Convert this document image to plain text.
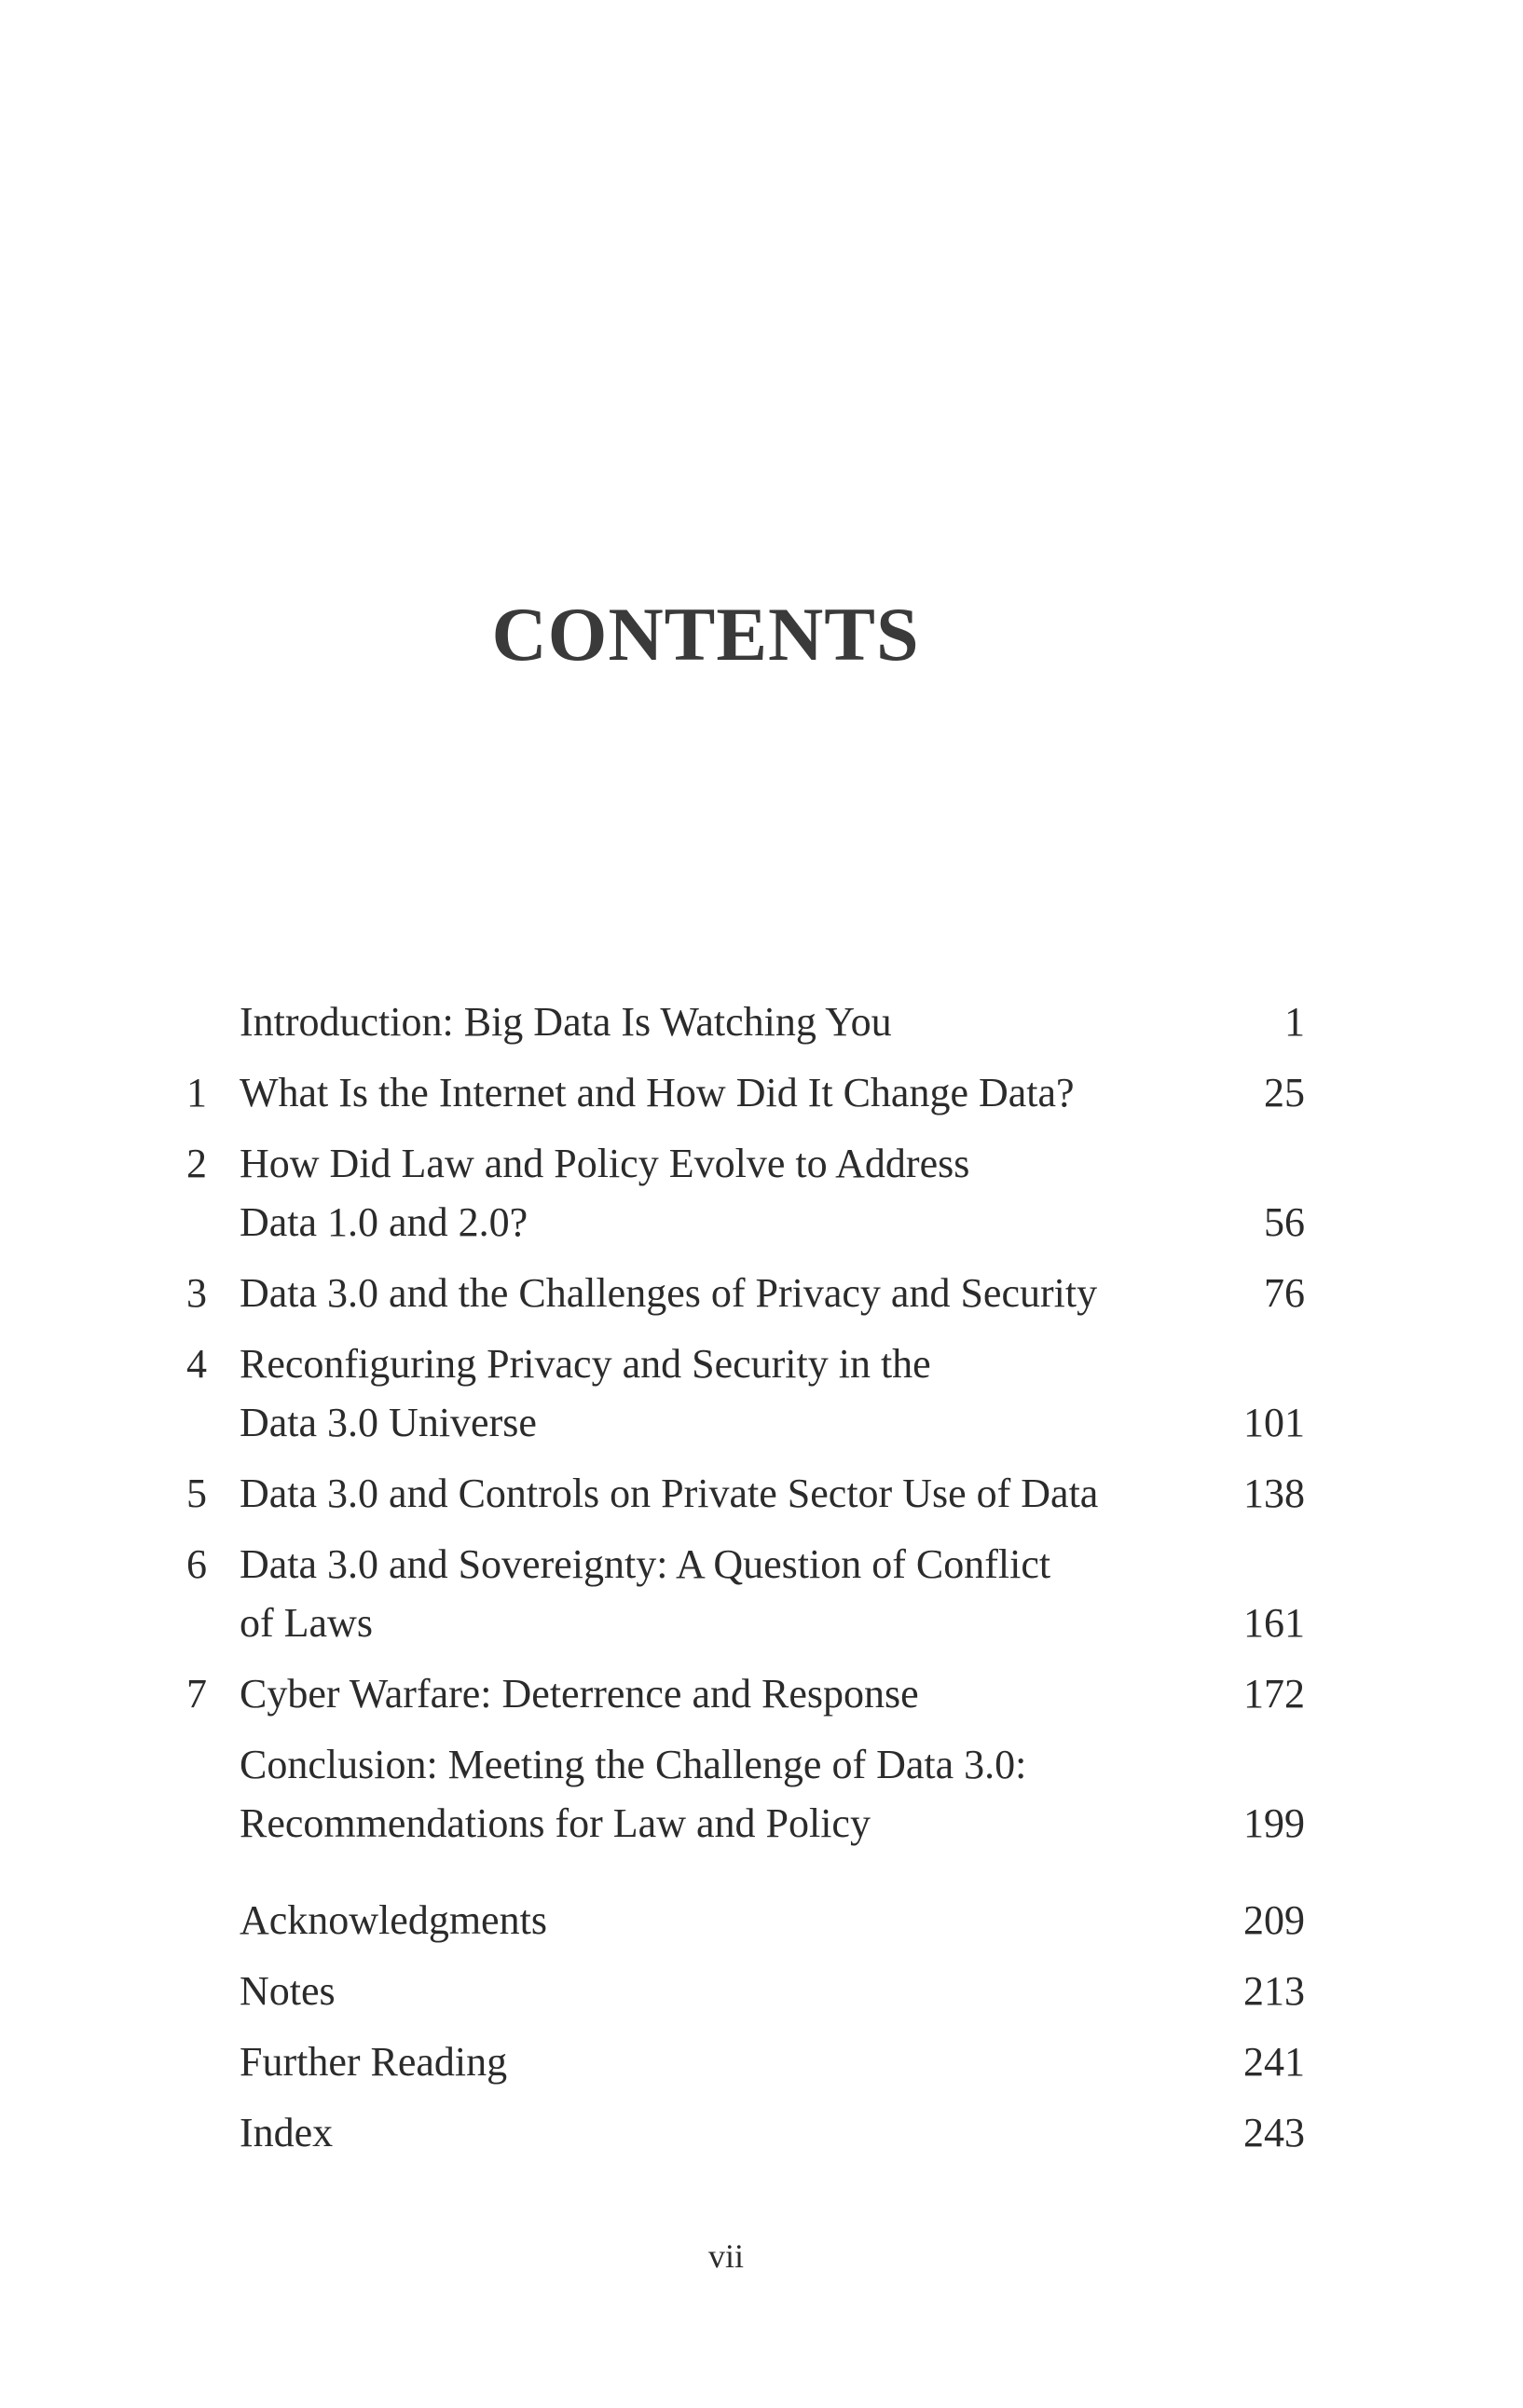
CONTENTS
Introduction: Big Data Is Watching You	1
1 What Is the Internet and How Did It Change Data?	25
2 How Did Law and Policy Evolve to Address
Data 1.0 and 2.0?	56
3 Data 3.0 and the Challenges of Privacy and Security	76
4 Reconfiguring Privacy and Security in the
Data 3.0 Universe	101
5 Data 3.0 and Controls on Private Sector Use of Data	138
6 Data 3.0 and Sovereignty: A Question of Conflict
of Laws	161
7 Cyber Warfare: Deterrence and Response	172
Conclusion: Meeting the Challenge of Data 3.0:
Recommendations for Law and Policy	199
Acknowledgments	209
Notes	213
Further Reading	241
Index	243
vii
